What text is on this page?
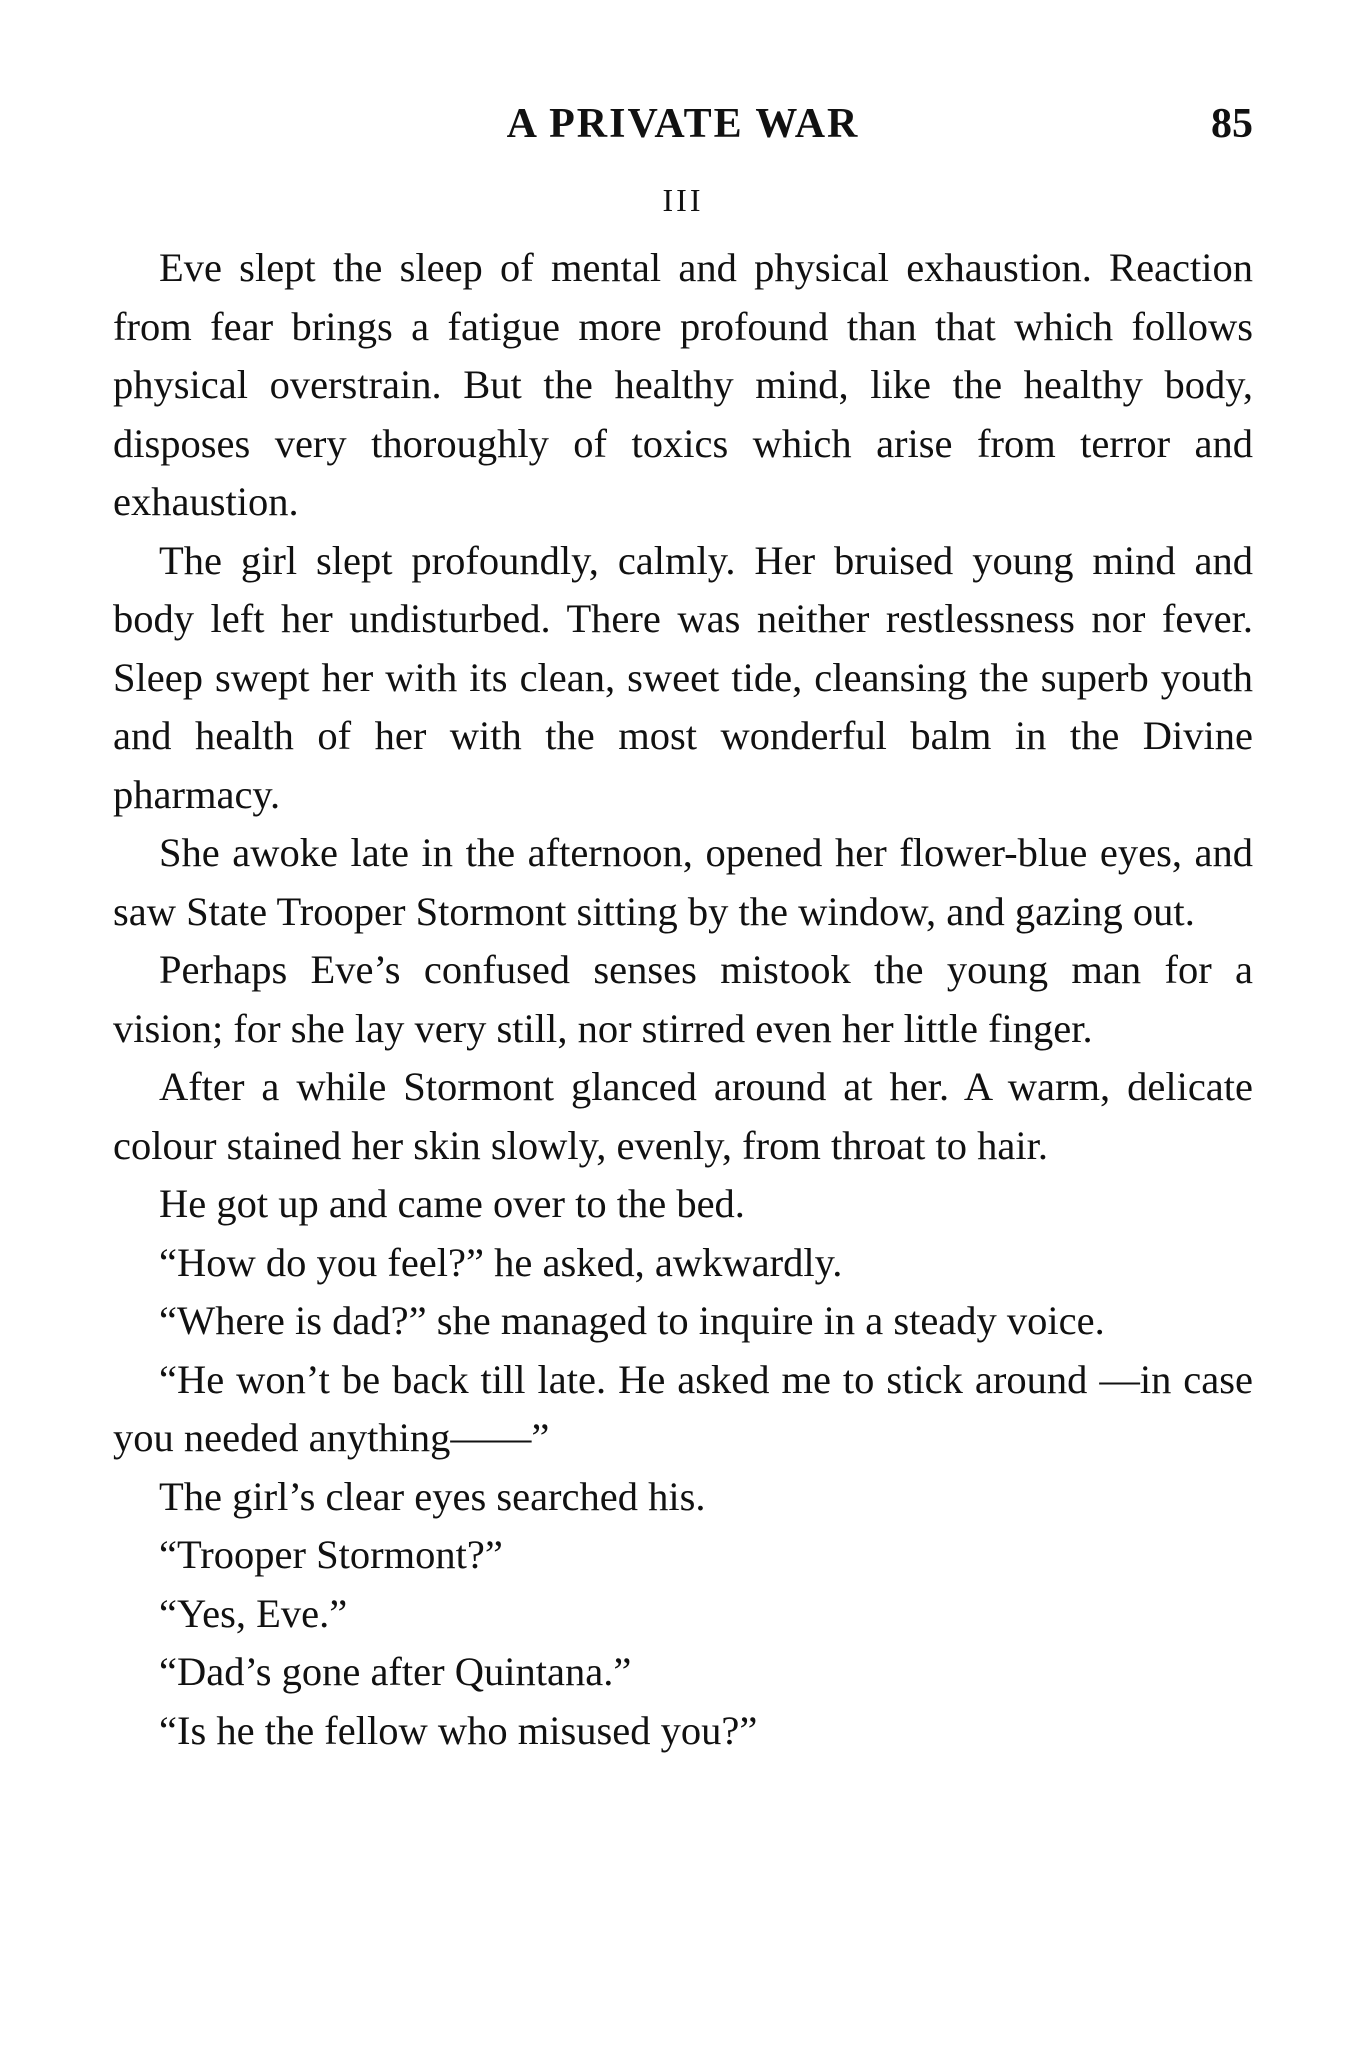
A PRIVATE WAR	85
III

Eve slept the sleep of mental and physical exhaustion. Reaction from fear brings a fatigue more profound than that which follows physical overstrain. But the healthy mind, like the healthy body, disposes very thoroughly of toxics which arise from terror and exhaustion.

The girl slept profoundly, calmly. Her bruised young mind and body left her undisturbed. There was neither restlessness nor fever. Sleep swept her with its clean, sweet tide, cleansing the superb youth and health of her with the most wonderful balm in the Divine pharmacy.

She awoke late in the afternoon, opened her flower-blue eyes, and saw State Trooper Stormont sitting by the window, and gazing out.

Perhaps Eve’s confused senses mistook the young man for a vision; for she lay very still, nor stirred even her little finger.

After a while Stormont glanced around at her. A warm, delicate colour stained her skin slowly, evenly, from throat to hair.

He got up and came over to the bed.

“How do you feel?” he asked, awkwardly.

“Where is dad?” she managed to inquire in a steady voice.

“He won’t be back till late. He asked me to stick around —in case you needed anything——”

The girl’s clear eyes searched his.

“Trooper Stormont?”

“Yes, Eve.”

“Dad’s gone after Quintana.”

“Is he the fellow who misused you?”
